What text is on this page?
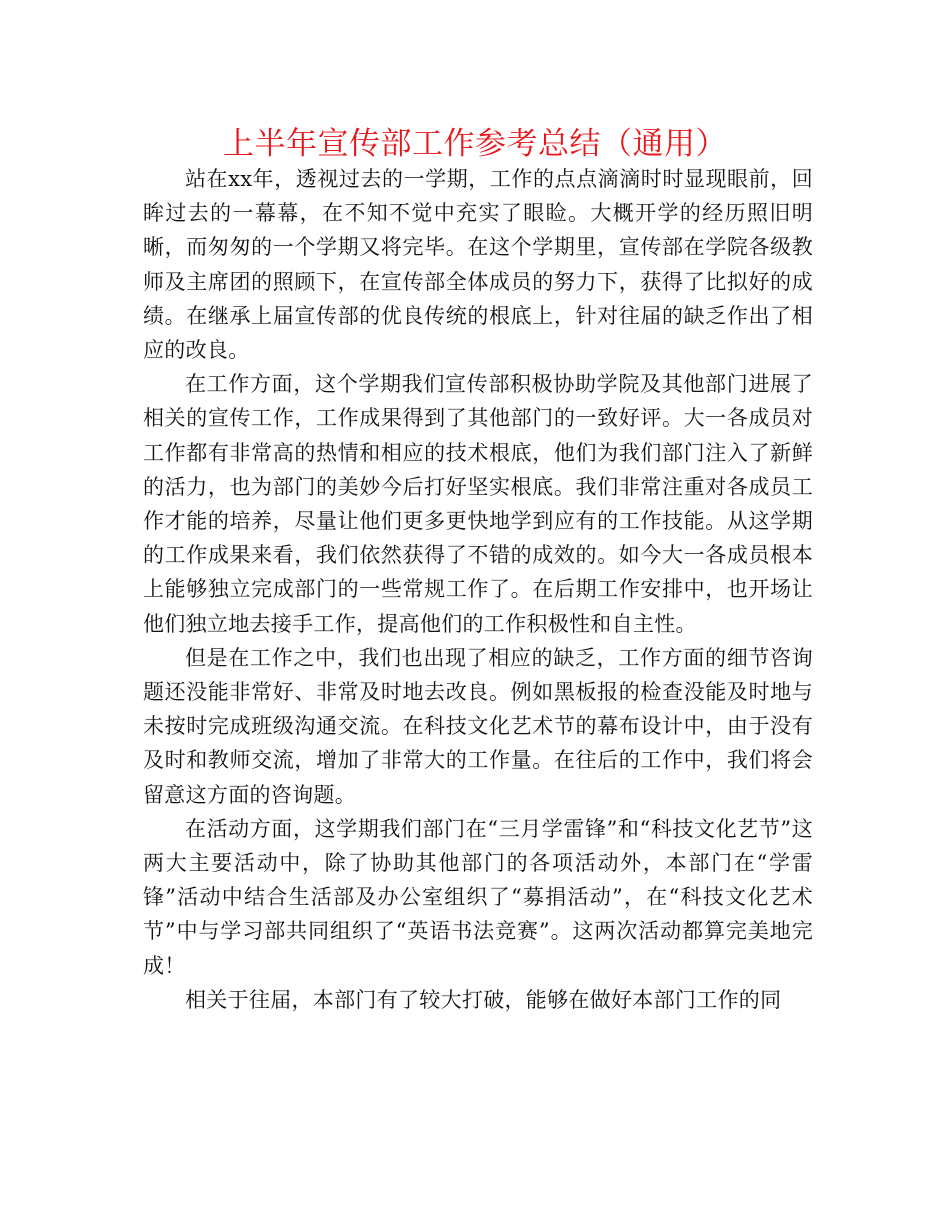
上半年宣传部工作参考总结（通用）

站在xx年，透视过去的一学期，工作的点点滴滴时时显现眼前，回眸过去的一幕幕，在不知不觉中充实了眼睑。大概开学的经历照旧明晰，而匆匆的一个学期又将完毕。在这个学期里，宣传部在学院各级教师及主席团的照顾下，在宣传部全体成员的努力下，获得了比拟好的成绩。在继承上届宣传部的优良传统的根底上，针对往届的缺乏作出了相应的改良。

在工作方面，这个学期我们宣传部积极协助学院及其他部门进展了相关的宣传工作，工作成果得到了其他部门的一致好评。大一各成员对工作都有非常高的热情和相应的技术根底，他们为我们部门注入了新鲜的活力，也为部门的美妙今后打好坚实根底。我们非常注重对各成员工作才能的培养，尽量让他们更多更快地学到应有的工作技能。从这学期的工作成果来看，我们依然获得了不错的成效的。如今大一各成员根本上能够独立完成部门的一些常规工作了。在后期工作安排中，也开场让他们独立地去接手工作，提高他们的工作积极性和自主性。

但是在工作之中，我们也出现了相应的缺乏，工作方面的细节咨询题还没能非常好、非常及时地去改良。例如黑板报的检查没能及时地与未按时完成班级沟通交流。在科技文化艺术节的幕布设计中，由于没有及时和教师交流，增加了非常大的工作量。在往后的工作中，我们将会留意这方面的咨询题。

在活动方面，这学期我们部门在“三月学雷锋”和“科技文化艺节”这两大主要活动中，除了协助其他部门的各项活动外，本部门在“学雷锋”活动中结合生活部及办公室组织了“募捐活动”，在“科技文化艺术节”中与学习部共同组织了“英语书法竞赛”。这两次活动都算完美地完成！

相关于往届，本部门有了较大打破，能够在做好本部门工作的同
